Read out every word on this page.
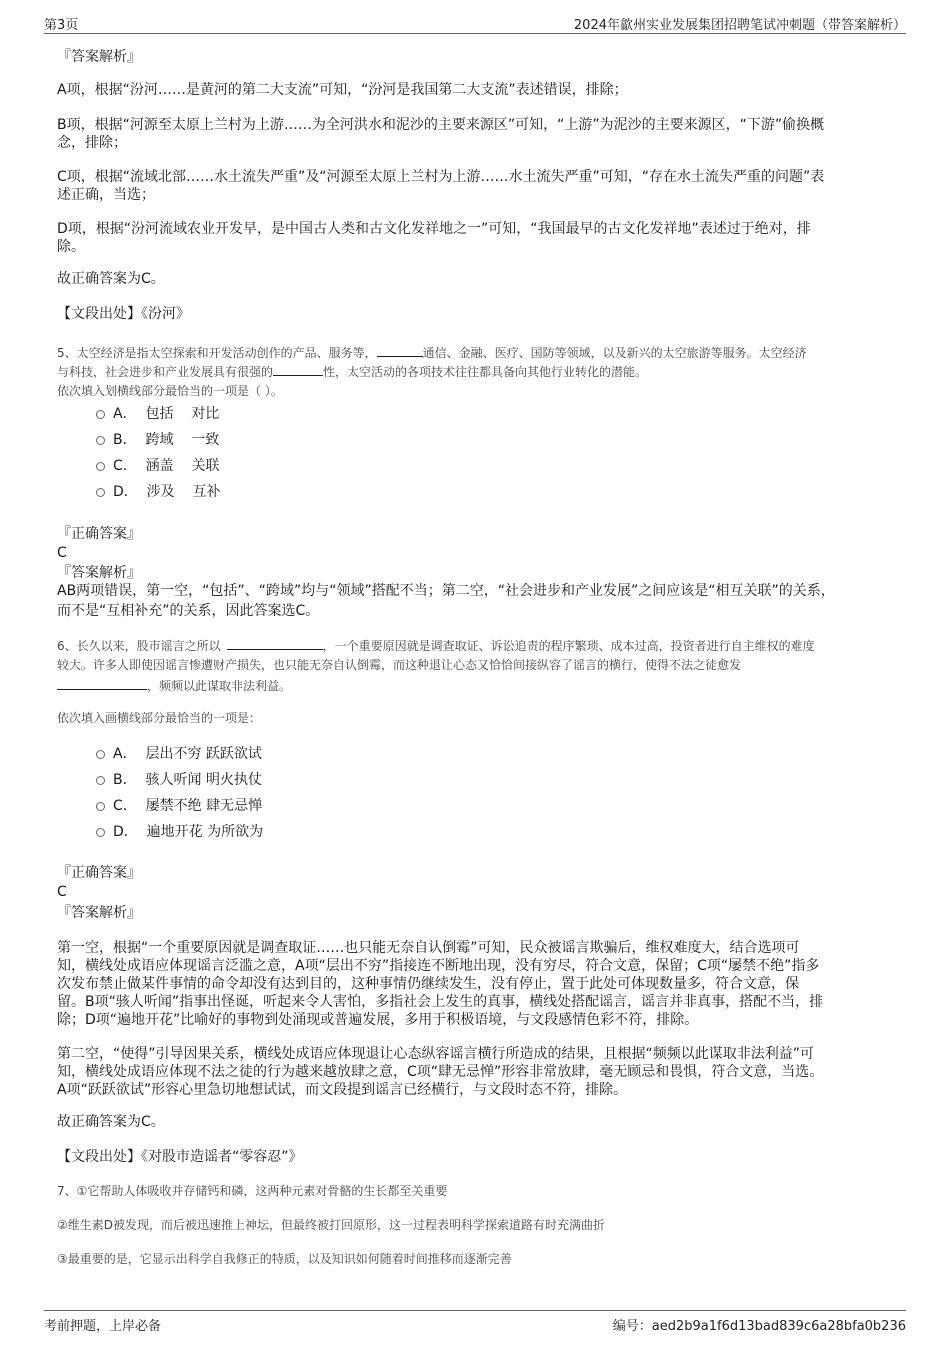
第3页	2024年歙州实业发展集团招聘笔试冲刺题（带答案解析）
『答案解析』
A项，根据“汾河……是黄河的第二大支流”可知，“汾河是我国第二大支流”表述错误，排除；
B项，根据“河源至太原上兰村为上游……为全河洪水和泥沙的主要来源区”可知，“上游”为泥沙的主要来源区，“下游”偷换概
念，排除；
C项，根据“流域北部……水土流失严重”及“河源至太原上兰村为上游……水土流失严重”可知，“存在水土流失严重的问题”表
述正确，当选；
D项，根据“汾河流域农业开发早，是中国古人类和古文化发祥地之一”可知，“我国最早的古文化发祥地”表述过于绝对，排
除。
故正确答案为C。
【文段出处】《汾河》
5、太空经济是指太空探索和开发活动创作的产品、服务等，	通信、金融、医疗、国防等领域，以及新兴的太空旅游等服务。太空经济
与科技，社会进步和产业发展具有很强的	性，太空活动的各项技术往往都具备向其他行业转化的潜能。
依次填入划横线部分最恰当的一项是（ ）。
A．  包括    对比
B．  跨域    一致
C．  涵盖    关联
D．  涉及    互补
『正确答案』
C
『答案解析』
AB两项错误，第一空，“包括”、“跨域”均与“领域”搭配不当；第二空，“社会进步和产业发展”之间应该是“相互关联”的关系，
而不是“互相补充”的关系，因此答案选C。
6、长久以来，股市谣言之所以	，一个重要原因就是调查取证、诉讼追责的程序繁琐、成本过高，投资者进行自主维权的难度
较大。许多人即使因谣言惨遭财产损失，也只能无奈自认倒霉，而这种退让心态又恰恰间接纵容了谣言的横行，使得不法之徒愈发
，频频以此谋取非法利益。
依次填入画横线部分最恰当的一项是：
A．  层出不穷 跃跃欲试
B．  骇人听闻 明火执仗
C．  屡禁不绝 肆无忌惮
D．  遍地开花 为所欲为
『正确答案』
C
『答案解析』
第一空，根据“一个重要原因就是调查取证……也只能无奈自认倒霉”可知，民众被谣言欺骗后，维权难度大，结合选项可
知，横线处成语应体现谣言泛滥之意，A项“层出不穷”指接连不断地出现，没有穷尽，符合文意，保留；C项“屡禁不绝”指多
次发布禁止做某件事情的命令却没有达到目的，这种事情仍继续发生，没有停止，置于此处可体现数量多，符合文意，保
留。B项“骇人听闻”指事出怪诞，听起来令人害怕，多指社会上发生的真事，横线处搭配谣言，谣言并非真事，搭配不当，排
除；D项“遍地开花”比喻好的事物到处涌现或普遍发展，多用于积极语境，与文段感情色彩不符，排除。
第二空，“使得”引导因果关系，横线处成语应体现退让心态纵容谣言横行所造成的结果，且根据“频频以此谋取非法利益”可
知，横线处成语应体现不法之徒的行为越来越放肆之意，C项“肆无忌惮”形容非常放肆，毫无顾忌和畏惧，符合文意，当选。
A项“跃跃欲试”形容心里急切地想试试，而文段提到谣言已经横行，与文段时态不符，排除。
故正确答案为C。
【文段出处】《对股市造谣者“零容忍”》
7、①它帮助人体吸收并存储钙和磷，这两种元素对骨骼的生长都至关重要
②维生素D被发现，而后被迅速推上神坛，但最终被打回原形，这一过程表明科学探索道路有时充满曲折
③最重要的是，它显示出科学自我修正的特质，以及知识如何随着时间推移而逐渐完善
考前押题，上岸必备	编号：aed2b9a1f6d13bad839c6a28bfa0b236
